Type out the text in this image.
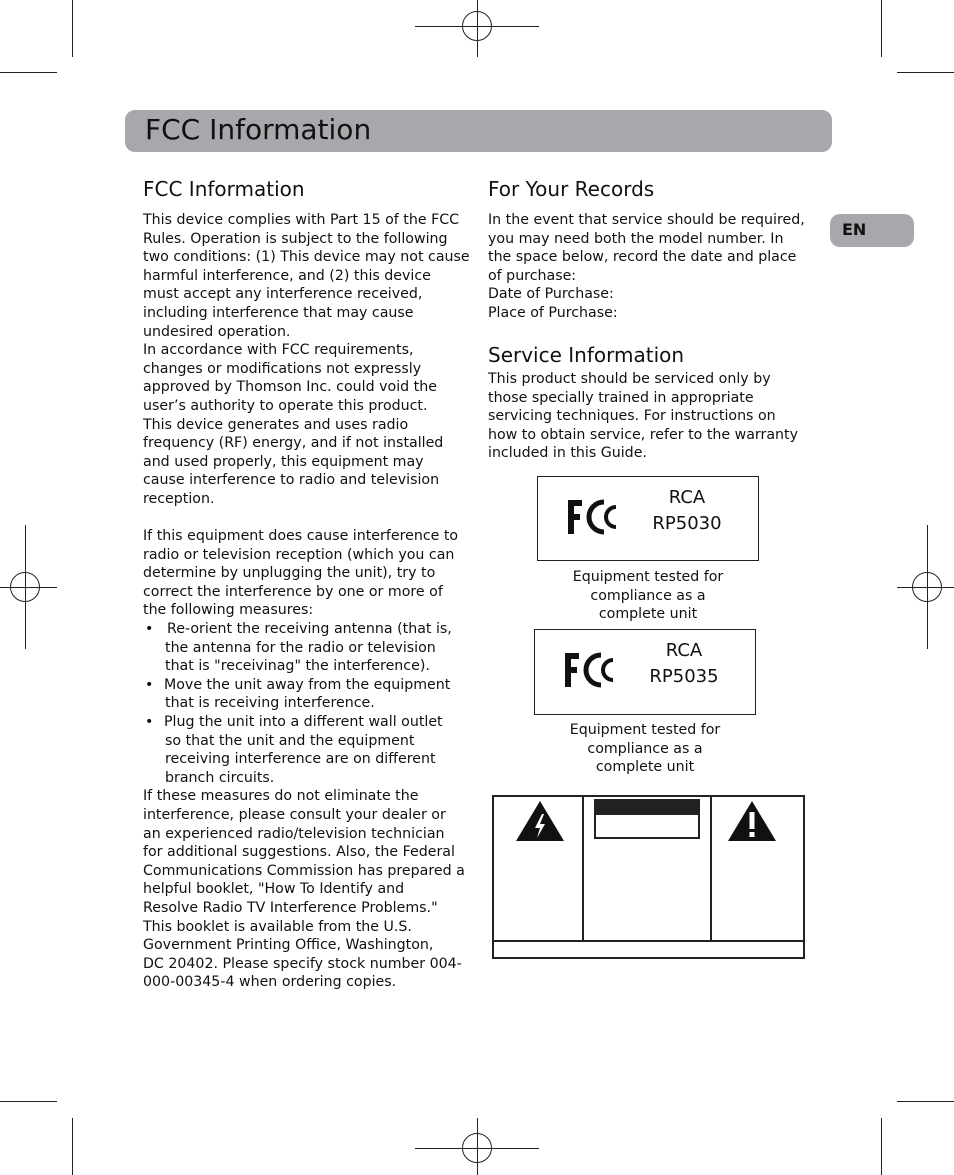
FCC Information
EN
FCC Information
This device complies with Part 15 of the FCC
Rules. Operation is subject to the following
two conditions: (1) This device may not cause
harmful interference, and (2) this device
must accept any interference received,
including interference that may cause
undesired operation.
In accordance with FCC requirements,
changes or modifications not expressly
approved by Thomson Inc. could void the
user’s authority to operate this product.
This device generates and uses radio
frequency (RF) energy, and if not installed
and used properly, this equipment may
cause interference to radio and television
reception.
If this equipment does cause interference to
radio or television reception (which you can
determine by unplugging the unit), try to
correct the interference by one or more of
the following measures:
• Re-orient the receiving antenna (that is,
the antenna for the radio or television
that is "receivinag" the interference).
• Move the unit away from the equipment
that is receiving interference.
• Plug the unit into a different wall outlet
so that the unit and the equipment
receiving interference are on different
branch circuits.
If these measures do not eliminate the
interference, please consult your dealer or
an experienced radio/television technician
for additional suggestions. Also, the Federal
Communications Commission has prepared a
helpful booklet, "How To Identify and
Resolve Radio TV Interference Problems."
This booklet is available from the U.S.
Government Printing Office, Washington,
DC 20402. Please specify stock number 004-
000-00345-4 when ordering copies.
For Your Records
In the event that service should be required,
you may need both the model number. In
the space below, record the date and place
of purchase:
Date of Purchase:
Place of Purchase:
Service Information
This product should be serviced only by
those specially trained in appropriate
servicing techniques. For instructions on
how to obtain service, refer to the warranty
included in this Guide.
RCA
RP5030
Equipment tested for
compliance as a
complete unit
RCA
RP5035
Equipment tested for
compliance as a
complete unit
